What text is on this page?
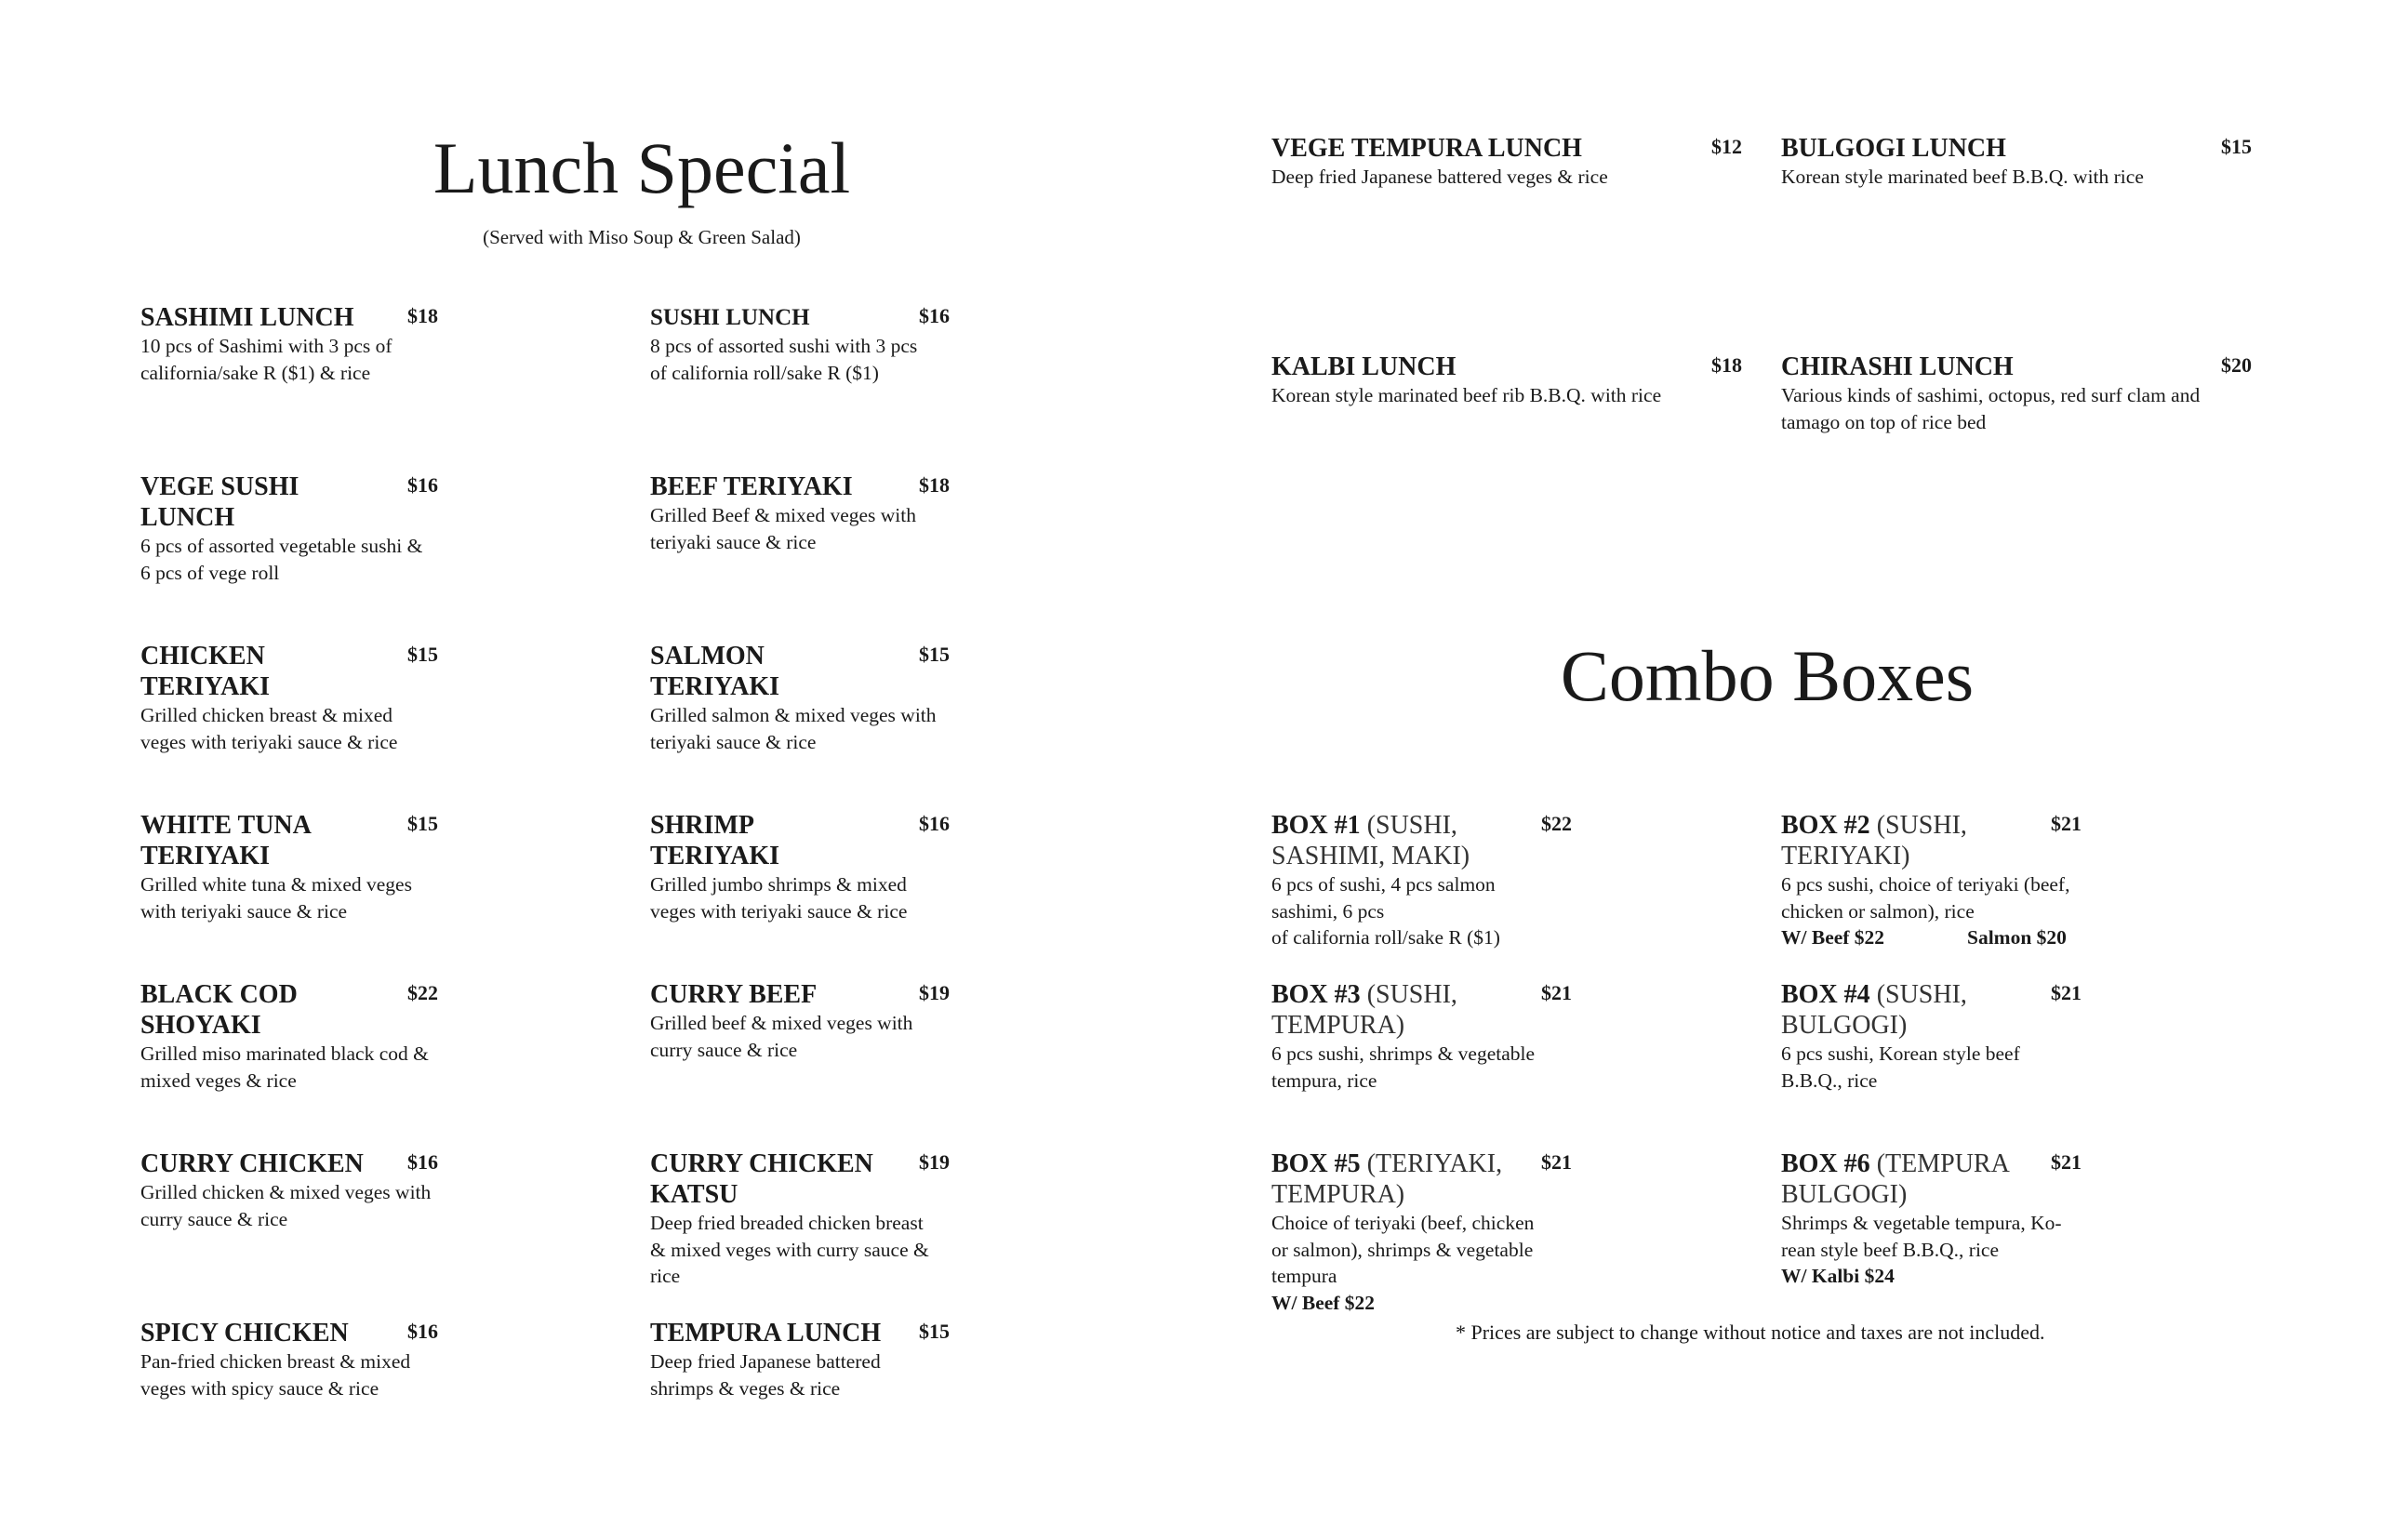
Lunch Special
(Served with Miso Soup & Green Salad)
SASHIMI LUNCH	$18
10 pcs of Sashimi with 3 pcs of
california/sake R ($1) & rice
SUSHI LUNCH	$16
8 pcs of assorted sushi with 3 pcs
of california roll/sake R ($1)
VEGE SUSHI
LUNCH
$16
6 pcs of assorted vegetable sushi &
6 pcs of vege roll
BEEF TERIYAKI	$18
Grilled Beef & mixed veges with
teriyaki sauce & rice
CHICKEN
TERIYAKI
$15
Grilled chicken breast & mixed
veges with teriyaki sauce & rice
SALMON
TERIYAKI
$15
Grilled salmon & mixed veges with
teriyaki sauce & rice
WHITE TUNA
TERIYAKI
$15
Grilled white tuna & mixed veges
with teriyaki sauce & rice
SHRIMP
TERIYAKI
$16
Grilled jumbo shrimps & mixed
veges with teriyaki sauce & rice
BLACK COD
SHOYAKI
$22
Grilled miso marinated black cod &
mixed veges & rice
CURRY BEEF	$19
Grilled beef & mixed veges with
curry sauce & rice
CURRY CHICKEN	$16
Grilled chicken & mixed veges with
curry sauce & rice
CURRY CHICKEN
KATSU
$19
Deep fried breaded chicken breast
& mixed veges with curry sauce &
rice
SPICY CHICKEN	$16
Pan-fried chicken breast & mixed
veges with spicy sauce & rice
TEMPURA LUNCH	$15
Deep fried Japanese battered
shrimps & veges & rice
VEGE TEMPURA LUNCH	$12
Deep fried Japanese battered veges & rice
BULGOGI LUNCH	$15
Korean style marinated beef B.B.Q. with rice
KALBI LUNCH	$18
Korean style marinated beef rib B.B.Q. with rice
CHIRASHI LUNCH	$20
Various kinds of sashimi, octopus, red surf clam and
tamago on top of rice bed
Combo Boxes
BOX #1 (SUSHI,
SASHIMI, MAKI)
$22
6 pcs of sushi, 4 pcs salmon
sashimi, 6 pcs
of california roll/sake R ($1)
BOX #2 (SUSHI,
TERIYAKI)
$21
6 pcs sushi, choice of teriyaki (beef,
chicken or salmon), rice
W/ Beef $22	Salmon $20
BOX #3 (SUSHI,
TEMPURA)
$21
6 pcs sushi, shrimps & vegetable
tempura, rice
BOX #4 (SUSHI,
BULGOGI)
$21
6 pcs sushi, Korean style beef
B.B.Q., rice
BOX #5 (TERIYAKI,
TEMPURA)
$21
Choice of teriyaki (beef, chicken
or salmon), shrimps & vegetable
tempura
W/ Beef $22
BOX #6 (TEMPURA
BULGOGI)
$21
Shrimps & vegetable tempura, Ko-
rean style beef B.B.Q., rice
W/ Kalbi $24
* Prices are subject to change without notice and taxes are not included.
